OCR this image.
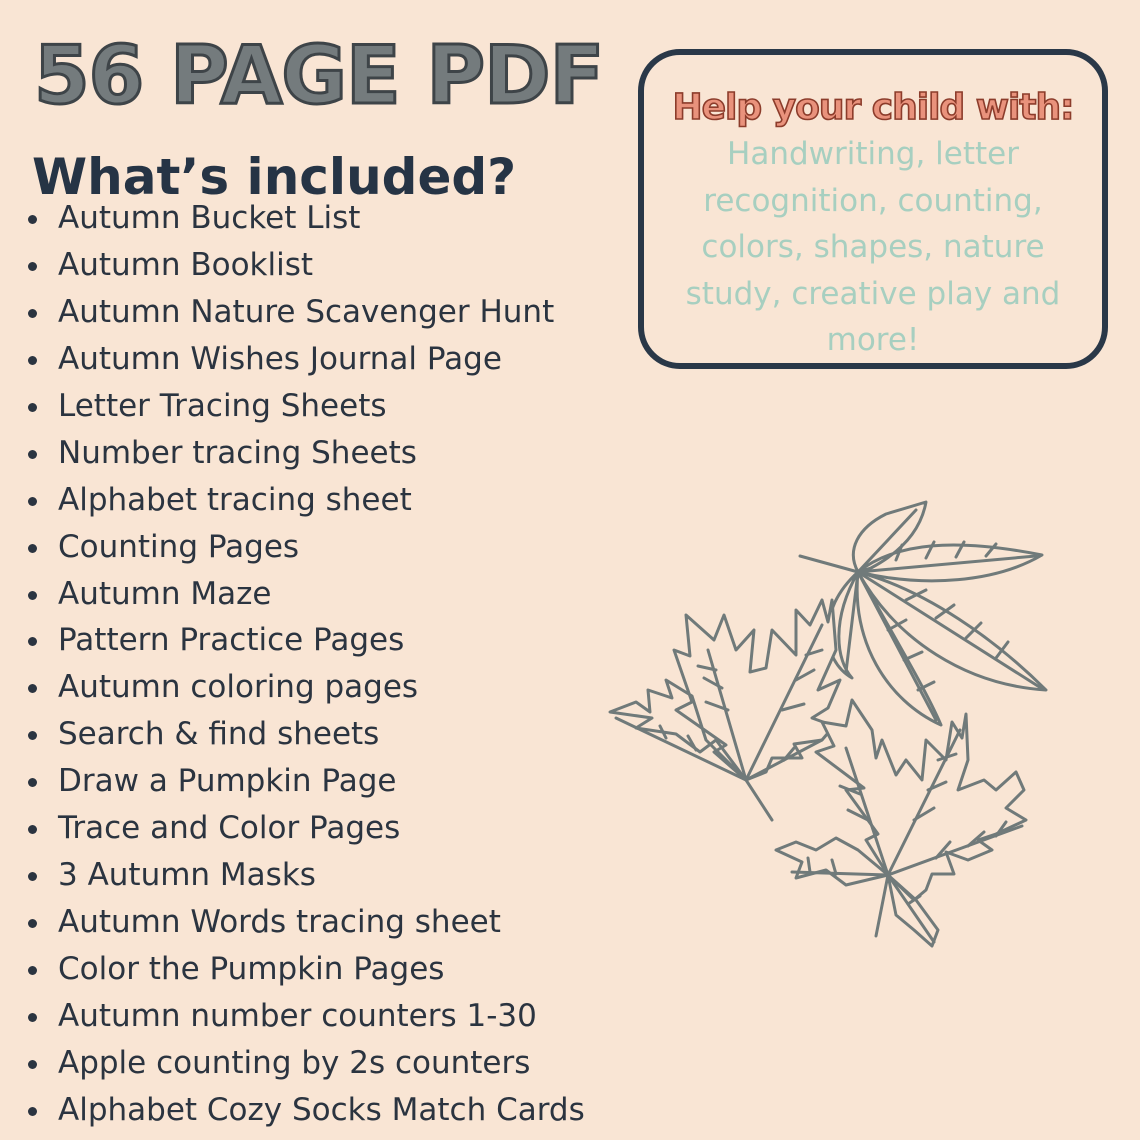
56 PAGE PDF
What’s included?
Autumn Bucket List
Autumn Booklist
Autumn Nature Scavenger Hunt
Autumn Wishes Journal Page
Letter Tracing Sheets
Number tracing Sheets
Alphabet tracing sheet
Counting Pages
Autumn Maze
Pattern Practice Pages
Autumn coloring pages
Search & find sheets
Draw a Pumpkin Page
Trace and Color Pages
3 Autumn Masks
Autumn Words tracing sheet
Color the Pumpkin Pages
Autumn number counters 1-30
Apple counting by 2s counters
Alphabet Cozy Socks Match Cards
Help your child with:
Handwriting, letter recognition, counting, colors, shapes, nature study, creative play and more!
